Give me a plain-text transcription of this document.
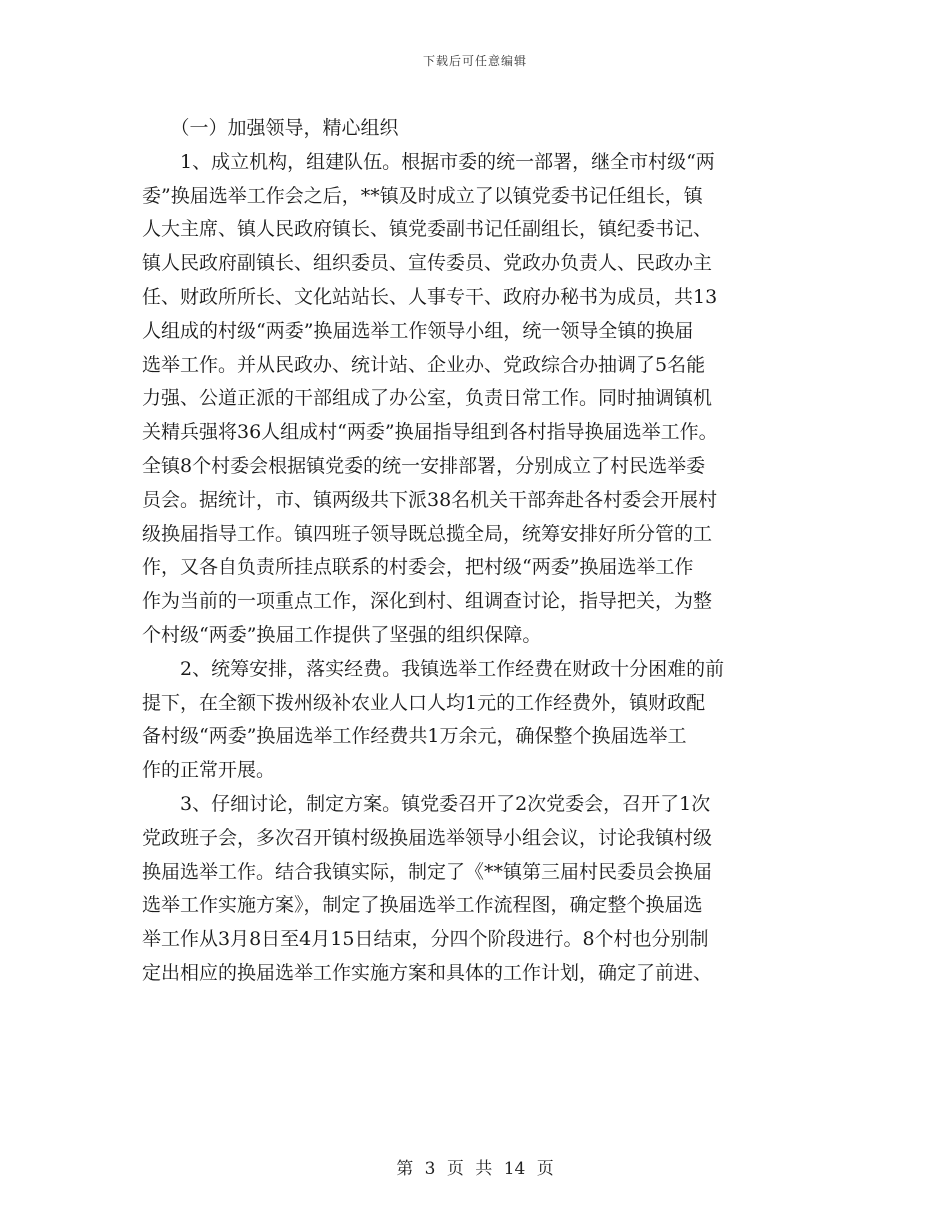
下载后可任意编辑
　　（一）加强领导，精心组织
　　1、成立机构，组建队伍。根据市委的统一部署，继全市村级“两
委”换届选举工作会之后，**镇及时成立了以镇党委书记任组长，镇
人大主席、镇人民政府镇长、镇党委副书记任副组长，镇纪委书记、
镇人民政府副镇长、组织委员、宣传委员、党政办负责人、民政办主
任、财政所所长、文化站站长、人事专干、政府办秘书为成员，共13
人组成的村级“两委”换届选举工作领导小组，统一领导全镇的换届
选举工作。并从民政办、统计站、企业办、党政综合办抽调了5名能
力强、公道正派的干部组成了办公室，负责日常工作。同时抽调镇机
关精兵强将36人组成村“两委”换届指导组到各村指导换届选举工作。
全镇8个村委会根据镇党委的统一安排部署，分别成立了村民选举委
员会。据统计，市、镇两级共下派38名机关干部奔赴各村委会开展村
级换届指导工作。镇四班子领导既总揽全局，统筹安排好所分管的工
作，又各自负责所挂点联系的村委会，把村级“两委”换届选举工作
作为当前的一项重点工作，深化到村、组调查讨论，指导把关，为整
个村级“两委”换届工作提供了坚强的组织保障。
　　2、统筹安排，落实经费。我镇选举工作经费在财政十分困难的前
提下，在全额下拨州级补农业人口人均1元的工作经费外，镇财政配
备村级“两委”换届选举工作经费共1万余元，确保整个换届选举工
作的正常开展。
　　3、仔细讨论，制定方案。镇党委召开了2次党委会，召开了1次
党政班子会，多次召开镇村级换届选举领导小组会议，讨论我镇村级
换届选举工作。结合我镇实际，制定了《**镇第三届村民委员会换届
选举工作实施方案》，制定了换届选举工作流程图，确定整个换届选
举工作从3月8日至4月15日结束，分四个阶段进行。8个村也分别制
定出相应的换届选举工作实施方案和具体的工作计划，确定了前进、
第 3 页 共 14 页
